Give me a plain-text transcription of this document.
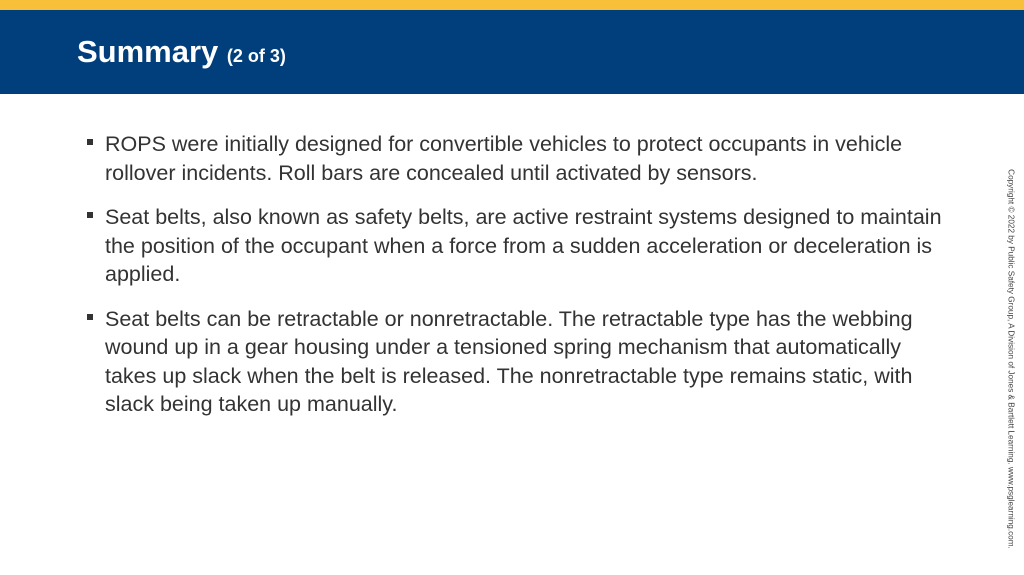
Summary (2 of 3)
ROPS were initially designed for convertible vehicles to protect occupants in vehicle rollover incidents. Roll bars are concealed until activated by sensors.
Seat belts, also known as safety belts, are active restraint systems designed to maintain the position of the occupant when a force from a sudden acceleration or deceleration is applied.
Seat belts can be retractable or nonretractable. The retractable type has the webbing wound up in a gear housing under a tensioned spring mechanism that automatically takes up slack when the belt is released. The nonretractable type remains static, with slack being taken up manually.	Copyright © 2022 by Public Safety Group, A Division of Jones & Bartlett Learning. www.psglearning.com.
